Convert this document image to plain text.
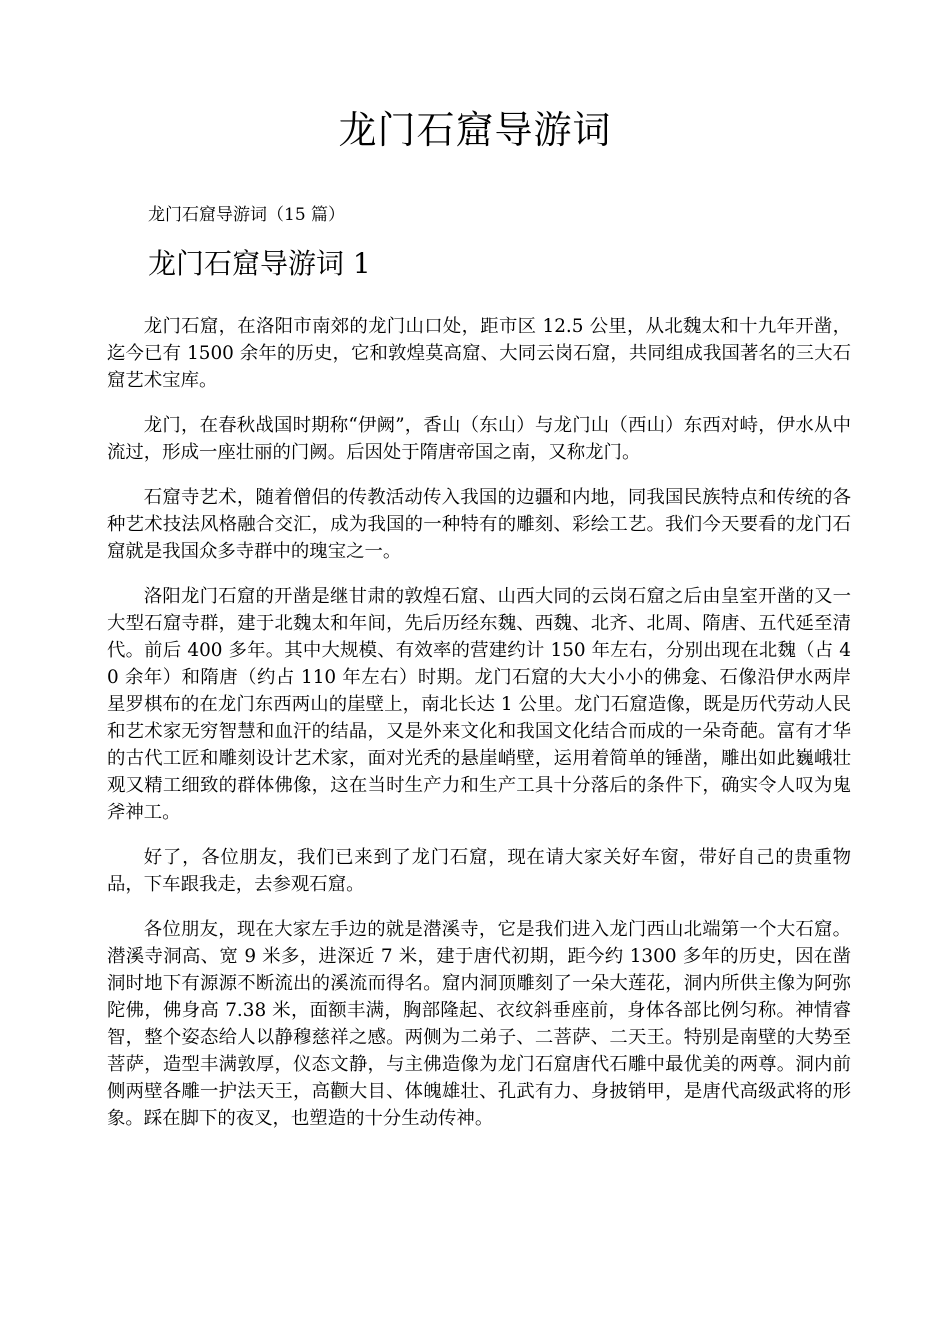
龙门石窟导游词
龙门石窟导游词（15 篇）
龙门石窟导游词 1

龙门石窟，在洛阳市南郊的龙门山口处，距市区 12.5 公里，从北魏太和十九年开凿，迄今已有 1500 余年的历史，它和敦煌莫高窟、大同云岗石窟，共同组成我国著名的三大石窟艺术宝库。

龙门，在春秋战国时期称“伊阙”，香山（东山）与龙门山（西山）东西对峙，伊水从中流过，形成一座壮丽的门阙。后因处于隋唐帝国之南，又称龙门。

石窟寺艺术，随着僧侣的传教活动传入我国的边疆和内地，同我国民族特点和传统的各种艺术技法风格融合交汇，成为我国的一种特有的雕刻、彩绘工艺。我们今天要看的龙门石窟就是我国众多寺群中的瑰宝之一。

洛阳龙门石窟的开凿是继甘肃的敦煌石窟、山西大同的云岗石窟之后由皇室开凿的又一大型石窟寺群，建于北魏太和年间，先后历经东魏、西魏、北齐、北周、隋唐、五代延至清代。前后 400 多年。其中大规模、有效率的营建约计 150 年左右，分别出现在北魏（占 40 余年）和隋唐（约占 110 年左右）时期。龙门石窟的大大小小的佛龛、石像沿伊水两岸星罗棋布的在龙门东西两山的崖壁上，南北长达 1 公里。龙门石窟造像，既是历代劳动人民和艺术家无穷智慧和血汗的结晶，又是外来文化和我国文化结合而成的一朵奇葩。富有才华的古代工匠和雕刻设计艺术家，面对光秃的悬崖峭壁，运用着简单的锤凿，雕出如此巍峨壮观又精工细致的群体佛像，这在当时生产力和生产工具十分落后的条件下，确实令人叹为鬼斧神工。

好了，各位朋友，我们已来到了龙门石窟，现在请大家关好车窗，带好自己的贵重物品，下车跟我走，去参观石窟。

各位朋友，现在大家左手边的就是潜溪寺，它是我们进入龙门西山北端第一个大石窟。潜溪寺洞高、宽 9 米多，进深近 7 米，建于唐代初期，距今约 1300 多年的历史，因在凿洞时地下有源源不断流出的溪流而得名。窟内洞顶雕刻了一朵大莲花，洞内所供主像为阿弥陀佛，佛身高 7.38 米，面额丰满，胸部隆起、衣纹斜垂座前，身体各部比例匀称。神情睿智，整个姿态给人以静穆慈祥之感。两侧为二弟子、二菩萨、二天王。特别是南壁的大势至菩萨，造型丰满敦厚，仪态文静，与主佛造像为龙门石窟唐代石雕中最优美的两尊。洞内前侧两壁各雕一护法天王，高颧大目、体魄雄壮、孔武有力、身披销甲，是唐代高级武将的形象。踩在脚下的夜叉，也塑造的十分生动传神。
